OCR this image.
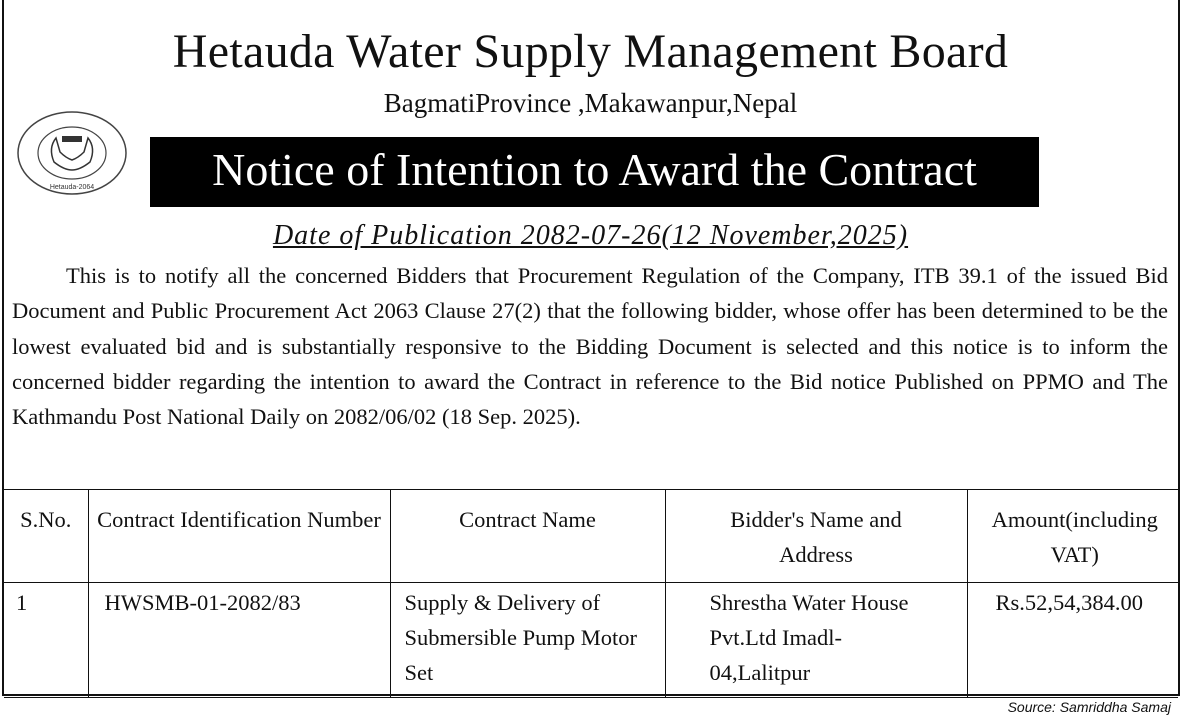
Hetauda Water Supply Management Board
BagmatiProvince ,Makawanpur,Nepal
Hetauda-2064	Notice of Intention to Award the Contract
Date of Publication 2082-07-26(12 November,2025)
This is to notify all the concerned Bidders that Procurement Regulation of the Company, ITB 39.1 of the issued Bid Document and Public Procurement Act 2063 Clause 27(2) that the following bidder, whose offer has been determined to be the lowest evaluated bid and is substantially responsive to the Bidding Document is selected and this notice is to inform the concerned bidder regarding the intention to award the Contract in reference to the Bid notice Published on PPMO and The Kathmandu Post National Daily on 2082/06/02 (18 Sep. 2025).
S.No.	Contract Identification Number	Contract Name	Bidder's Name and Address	Amount(including VAT)
1	HWSMB-01-2082/83	Supply & Delivery of Submersible Pump Motor Set	Shrestha Water House Pvt.Ltd Imadl-04,Lalitpur	Rs.52,54,384.00
Source: Samriddha Samaj
